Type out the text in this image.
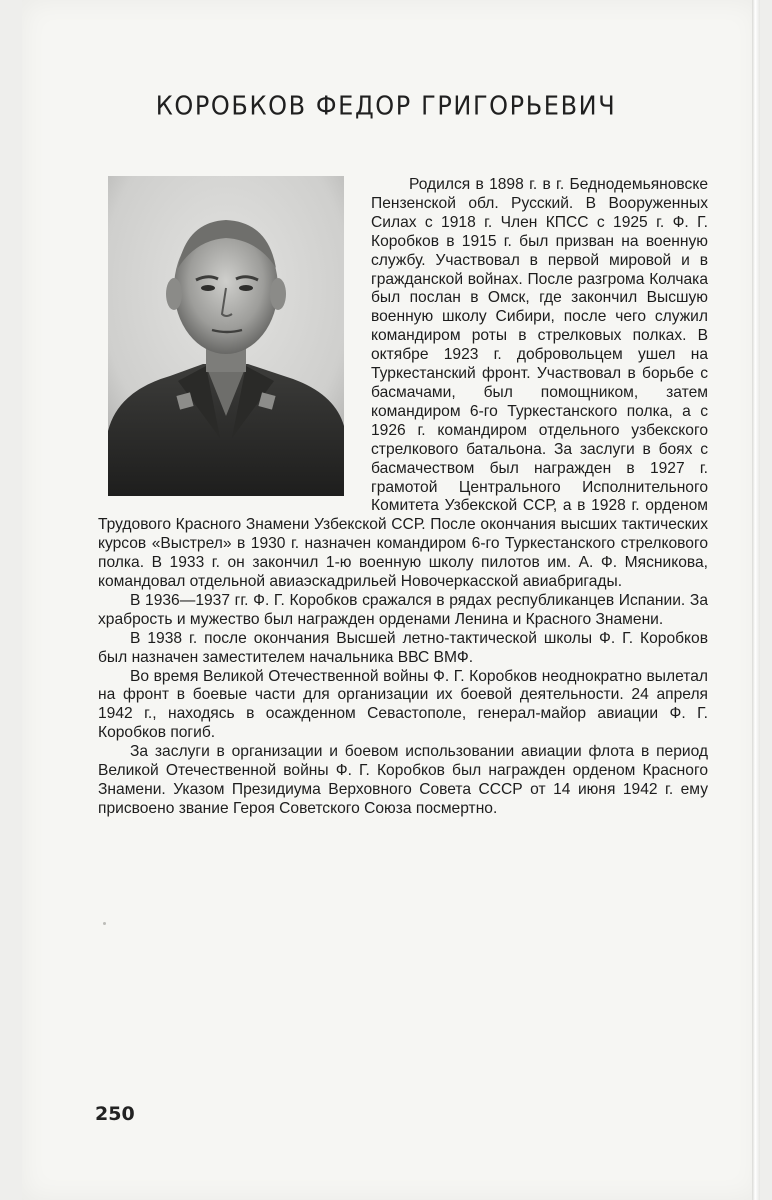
КОРОБКОВ ФЕДОР ГРИГОРЬЕВИЧ

Родился в 1898 г. в г. Беднодемьяновске Пензенской обл. Русский. В Вооруженных Силах с 1918 г. Член КПСС с 1925 г. Ф. Г. Коробков в 1915 г. был призван на военную службу. Участвовал в первой мировой и в гражданской войнах. После разгрома Колчака был послан в Омск, где закончил Высшую военную школу Сибири, после чего служил командиром роты в стрелковых полках. В октябре 1923 г. добровольцем ушел на Туркестанский фронт. Участвовал в борьбе с басмачами, был помощником, затем командиром 6-го Туркестанского полка, а с 1926 г. командиром отдельного узбекского стрелкового батальона. За заслуги в боях с басмачеством был награжден в 1927 г. грамотой Центрального Исполнительного Комитета Узбекской ССР, а в 1928 г. орденом Трудового Красного Знамени Узбекской ССР. После окончания высших тактических курсов «Выстрел» в 1930 г. назначен командиром 6-го Туркестанского стрелкового полка. В 1933 г. он закончил 1-ю военную школу пилотов им. А. Ф. Мясникова, командовал отдельной авиаэскадрильей Новочеркасской авиабригады.

В 1936—1937 гг. Ф. Г. Коробков сражался в рядах республиканцев Испании. За храбрость и мужество был награжден орденами Ленина и Красного Знамени.

В 1938 г. после окончания Высшей летно-тактической школы Ф. Г. Коробков был назначен заместителем начальника ВВС ВМФ.

Во время Великой Отечественной войны Ф. Г. Коробков неоднократно вылетал на фронт в боевые части для организации их боевой деятельности. 24 апреля 1942 г., находясь в осажденном Севастополе, генерал-майор авиации Ф. Г. Коробков погиб.

За заслуги в организации и боевом использовании авиации флота в период Великой Отечественной войны Ф. Г. Коробков был награжден орденом Красного Знамени. Указом Президиума Верховного Совета СССР от 14 июня 1942 г. ему присвоено звание Героя Советского Союза посмертно.

250
